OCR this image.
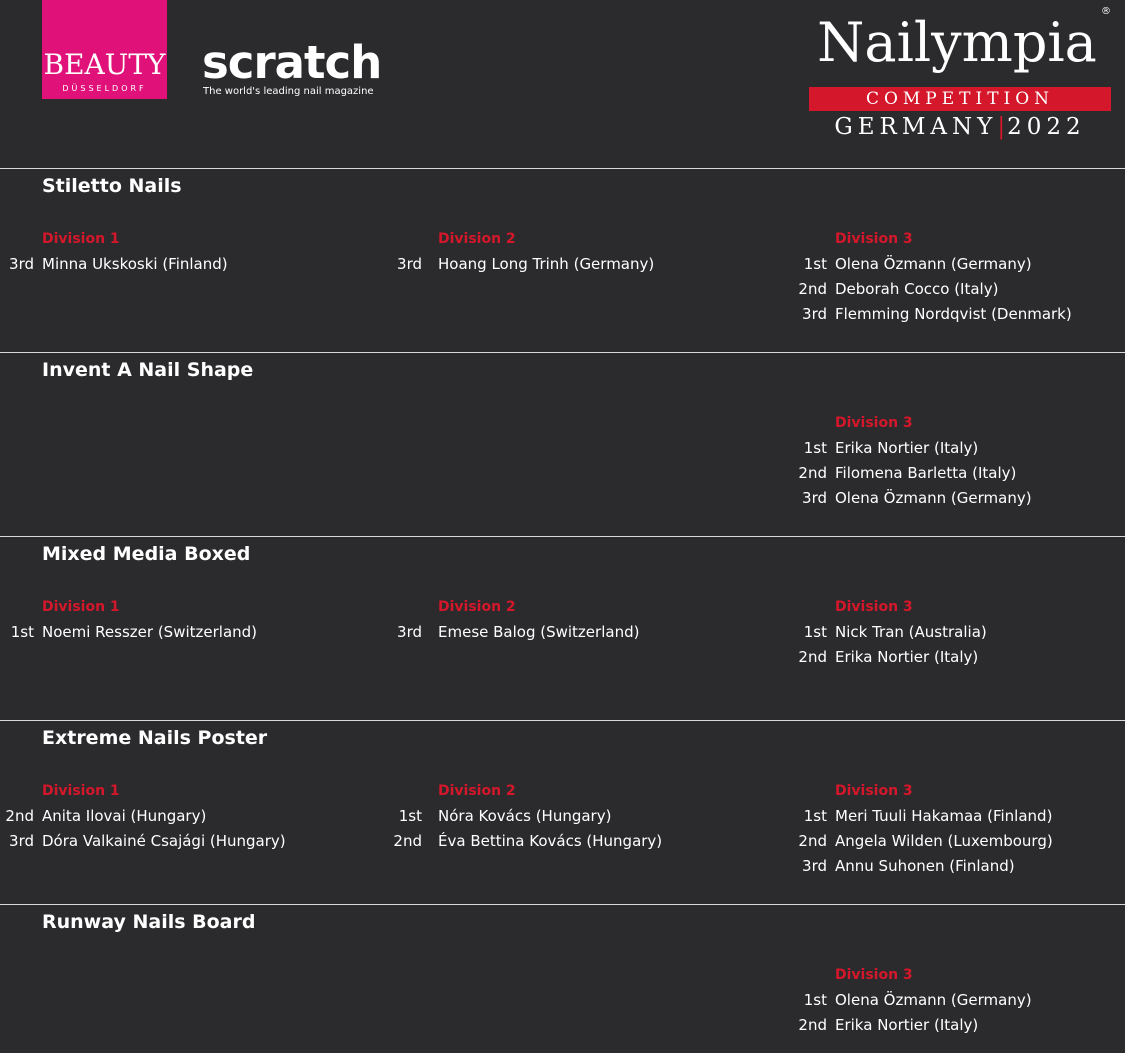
BEAUTY
DÜSSELDORF	scratch
The world's leading nail magazine
Nailympia ®
COMPETITION
GERMANY|2022
Stiletto Nails
Division 1
3rd Minna Ukskoski (Finland)
Division 2
3rd Hoang Long Trinh (Germany)
Division 3
1st Olena Özmann (Germany)
2nd Deborah Cocco (Italy)
3rd Flemming Nordqvist (Denmark)
Invent A Nail Shape
Division 3
1st Erika Nortier (Italy)
2nd Filomena Barletta (Italy)
3rd Olena Özmann (Germany)
Mixed Media Boxed
Division 1
1st Noemi Resszer (Switzerland)
Division 2
3rd Emese Balog (Switzerland)
Division 3
1st Nick Tran (Australia)
2nd Erika Nortier (Italy)
Extreme Nails Poster
Division 1
2nd Anita Ilovai (Hungary)
3rd Dóra Valkainé Csajági (Hungary)
Division 2
1st Nóra Kovács (Hungary)
2nd Éva Bettina Kovács (Hungary)
Division 3
1st Meri Tuuli Hakamaa (Finland)
2nd Angela Wilden (Luxembourg)
3rd Annu Suhonen (Finland)
Runway Nails Board
Division 3
1st Olena Özmann (Germany)
2nd Erika Nortier (Italy)
